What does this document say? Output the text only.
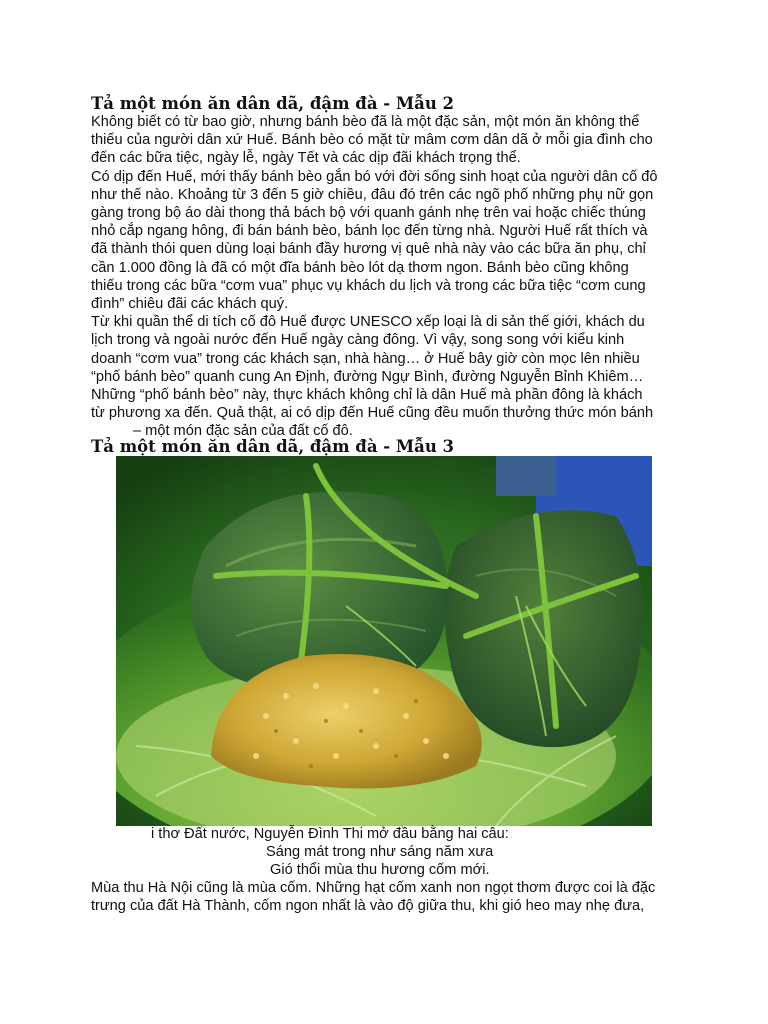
Tả một món ăn dân dã, đậm đà - Mẫu 2
Không biết có từ bao giờ, nhưng bánh bèo đã là một đặc sản, một món ăn không thể
thiếu của người dân xứ Huế. Bánh bèo có mặt từ mâm cơm dân dã ở mỗi gia đình cho
đến các bữa tiệc, ngày lễ, ngày Tết và các dịp đãi khách trọng thể.
Có dịp đến Huế, mới thấy bánh bèo gắn bó với đời sống sinh hoạt của người dân cố đô
như thế nào. Khoảng từ 3 đến 5 giờ chiều, đâu đó trên các ngõ phố những phụ nữ gọn
gàng trong bộ áo dài thong thả bách bộ với quanh gánh nhẹ trên vai hoặc chiếc thúng
nhỏ cắp ngang hông, đi bán bánh bèo, bánh lọc đến từng nhà. Người Huế rất thích và
đã thành thói quen dùng loại bánh đầy hương vị quê nhà này vào các bữa ăn phụ, chỉ
cần 1.000 đồng là đã có một đĩa bánh bèo lót dạ thơm ngon. Bánh bèo cũng không
thiếu trong các bữa “cơm vua” phục vụ khách du lịch và trong các bữa tiệc “cơm cung
đình” chiêu đãi các khách quý.
Từ khi quần thể di tích cố đô Huế được UNESCO xếp loại là di sản thế giới, khách du
lịch trong và ngoài nước đến Huế ngày càng đông. Vì vậy, song song với kiểu kinh
doanh “cơm vua” trong các khách sạn, nhà hàng… ở Huế bây giờ còn mọc lên nhiều
“phố bánh bèo” quanh cung An Định, đường Ngự Bình, đường Nguyễn Bỉnh Khiêm…
Những “phố bánh bèo” này, thực khách không chỉ là dân Huế mà phần đông là khách
từ phương xa đến. Quả thật, ai có dịp đến Huế cũng đều muốn thưởng thức món bánh
– một món đặc sản của đất cố đô.
Tả một món ăn dân dã, đậm đà - Mẫu 3
i thơ Đất nước, Nguyễn Đình Thi mở đầu bằng hai câu:
Sáng mát trong như sáng năm xưa
Gió thổi mùa thu hương cốm mới.
Mùa thu Hà Nội cũng là mùa cốm. Những hạt cốm xanh non ngọt thơm được coi là đặc
trưng của đất Hà Thành, cốm ngon nhất là vào độ giữa thu, khi gió heo may nhẹ đưa,
